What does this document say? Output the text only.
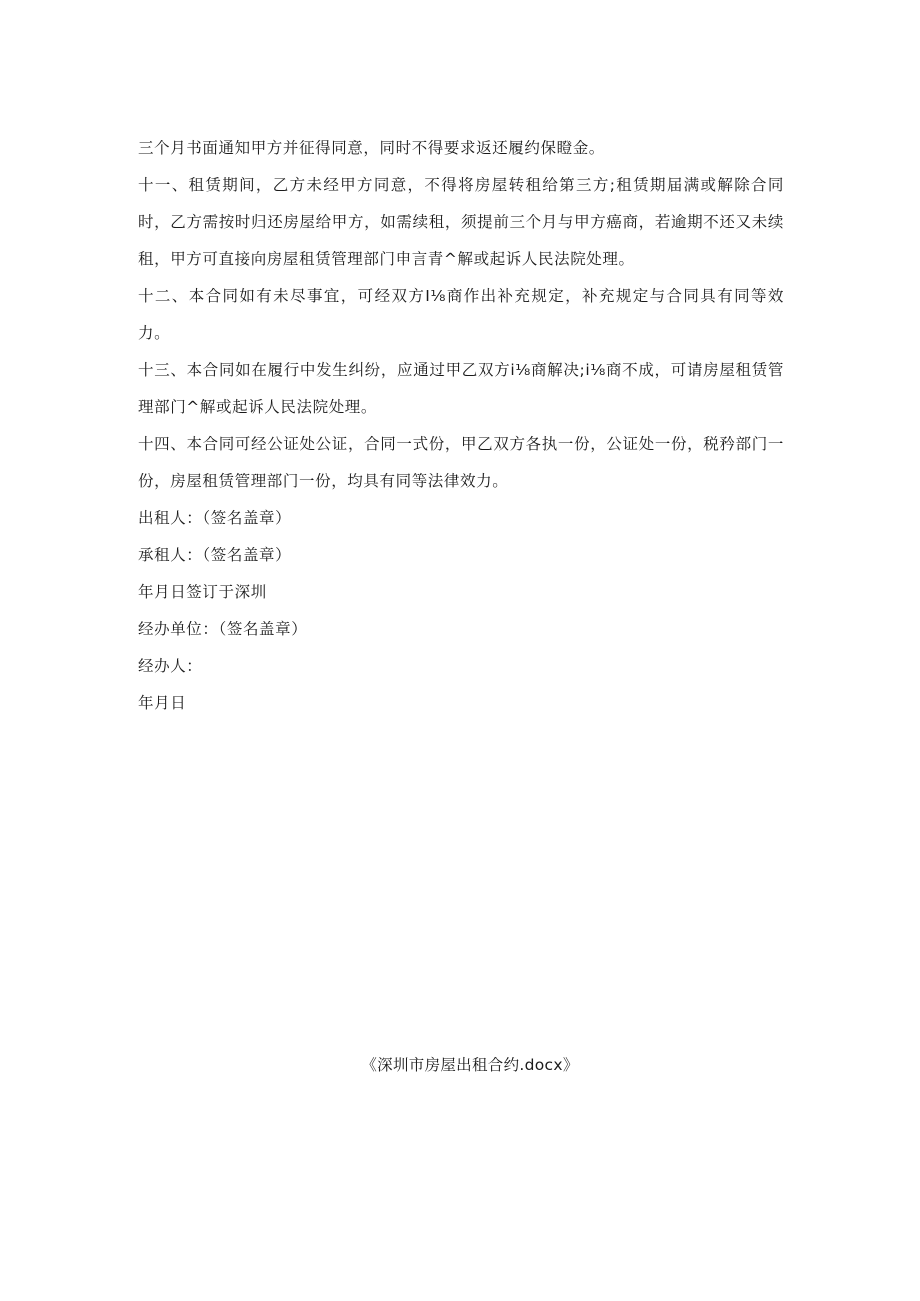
三个月书面通知甲方并征得同意，同时不得要求返还履约保瞪金。

十一、租赁期间，乙方未经甲方同意，不得将房屋转租给第三方;租赁期届满或解除合同时，乙方需按时归还房屋给甲方，如需续租，须提前三个月与甲方癌商，若逾期不还又未续租，甲方可直接向房屋租赁管理部门申言青^解或起诉人民法院处理。

十二、本合同如有未尽事宜，可经双方I⅛商作出补充规定，补充规定与合同具有同等效力。

十三、本合同如在履行中发生纠纷，应通过甲乙双方i⅛商解决;i⅛商不成，可请房屋租赁管理部门^解或起诉人民法院处理。

十四、本合同可经公证处公证，合同一式份，甲乙双方各执一份，公证处一份，税矜部门一份，房屋租赁管理部门一份，均具有同等法律效力。

出租人：（签名盖章）

承租人：（签名盖章）

年月日签订于深圳

经办单位：（签名盖章）

经办人：

年月日

《深圳市房屋出租合约.docx》
